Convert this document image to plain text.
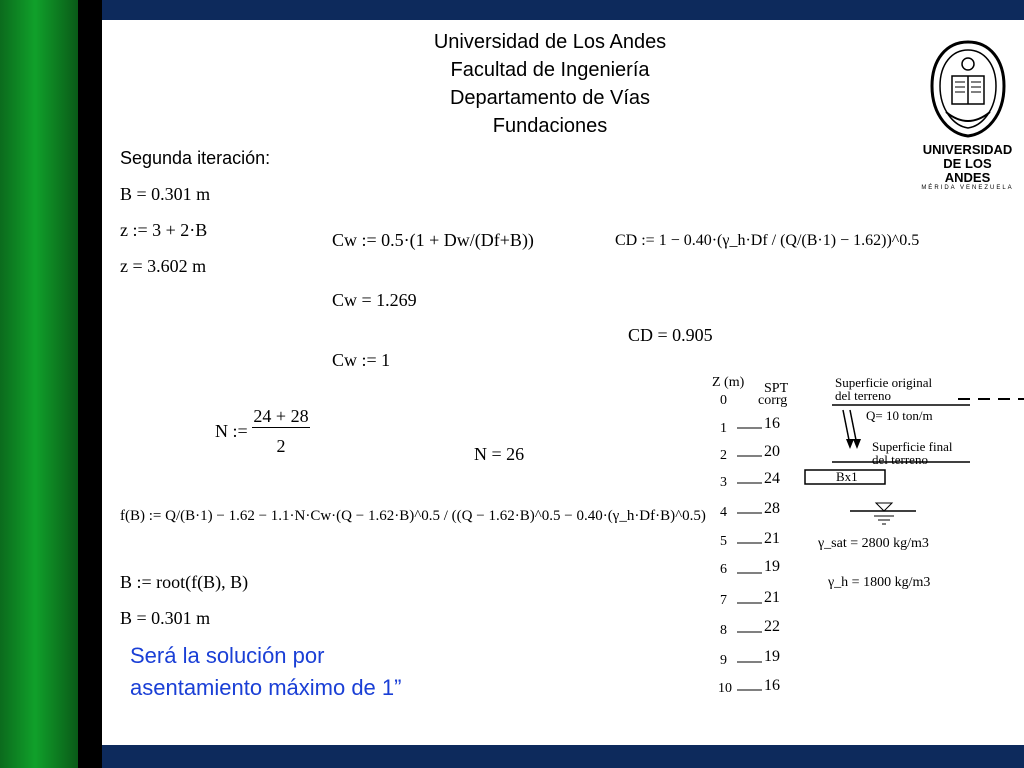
Universidad de Los Andes
Facultad de Ingeniería
Departamento de Vías
Fundaciones
UNIVERSIDAD
DE LOS ANDES
MÉRIDA VENEZUELA
Segunda iteración:
B = 0.301 m
z := 3 + 2·B
z = 3.602 m
Cw := 0.5·(1 + Dw/(Df+B))
Cw = 1.269
Cw := 1
CD := 1 − 0.40·(γ_h·Df / (Q/(B·1) − 1.62))^0.5
CD = 0.905
N :=
24 + 28
2	N = 26
f(B) := Q/(B·1) − 1.62 − 1.1·N·Cw·(Q − 1.62·B)^0.5 / ((Q − 1.62·B)^0.5 − 0.40·(γ_h·Df·B)^0.5)
B := root(f(B), B)
B = 0.301 m
Será la solución por
asentamiento máximo de 1”
Z (m) SPT
corrg
0
1 16
2 20
3 24
4 28
5 21
6 19
7 21
8 22
9 19
10 16
Superficie original
del terreno
Q= 10 ton/m
Superficie final
del terreno
Bx1
γ_sat = 2800 kg/m3
γ_h = 1800 kg/m3
